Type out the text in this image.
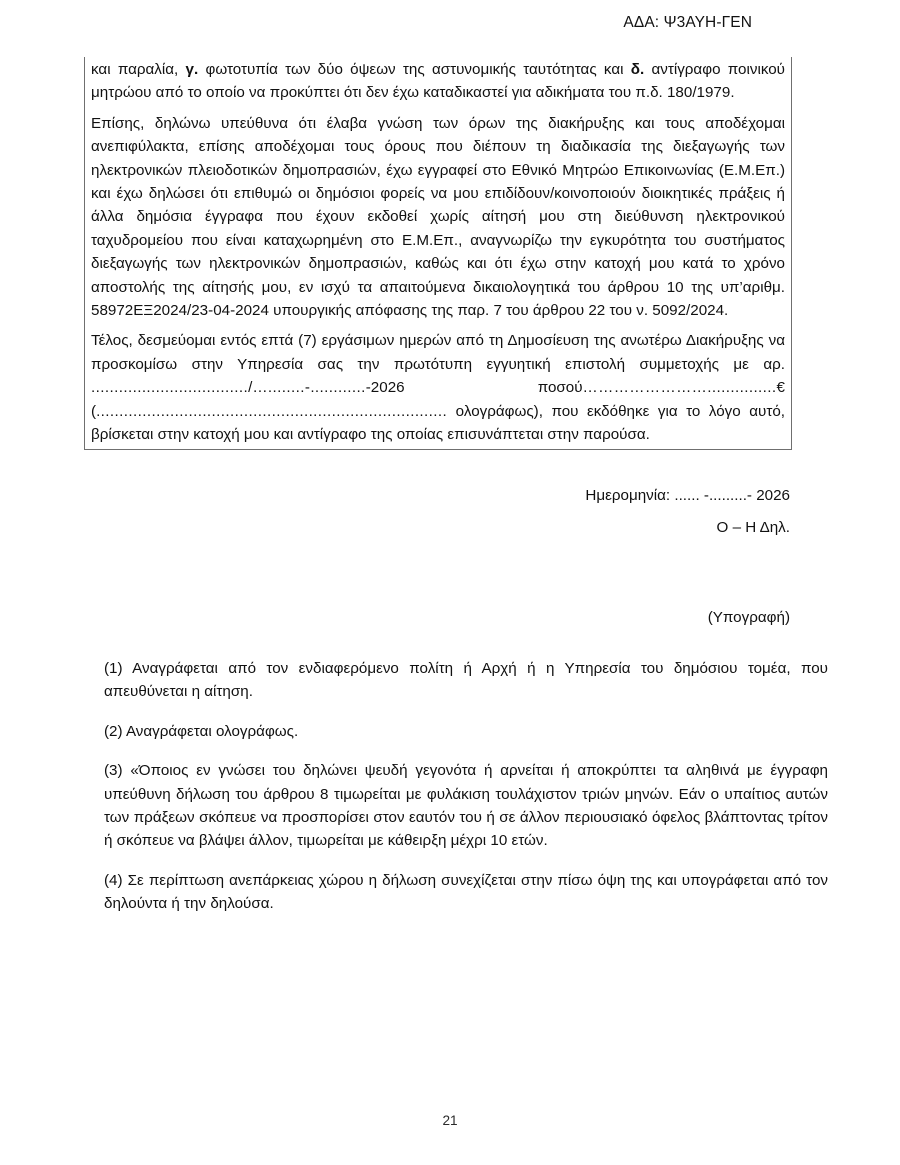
ΑΔΑ: Ψ3ΑΥΗ-ΓΕΝ

και παραλία, γ. φωτοτυπία των δύο όψεων της αστυνομικής ταυτότητας και δ. αντίγραφο ποινικού μητρώου από το οποίο να προκύπτει ότι δεν έχω καταδικαστεί για αδικήματα του π.δ. 180/1979.

Επίσης, δηλώνω υπεύθυνα ότι έλαβα γνώση των όρων της διακήρυξης και τους αποδέχομαι ανεπιφύλακτα, επίσης αποδέχομαι τους όρους που διέπουν τη διαδικασία της διεξαγωγής των ηλεκτρονικών πλειοδοτικών δημοπρασιών, έχω εγγραφεί στο Εθνικό Μητρώο Επικοινωνίας (Ε.Μ.Επ.) και έχω δηλώσει ότι επιθυμώ οι δημόσιοι φορείς να μου επιδίδουν/κοινοποιούν διοικητικές πράξεις ή άλλα δημόσια έγγραφα που έχουν εκδοθεί χωρίς αίτησή μου στη διεύθυνση ηλεκτρονικού ταχυδρομείου που είναι καταχωρημένη στο Ε.Μ.Επ., αναγνωρίζω την εγκυρότητα του συστήματος διεξαγωγής των ηλεκτρονικών δημοπρασιών, καθώς και ότι έχω στην κατοχή μου κατά το χρόνο αποστολής της αίτησής μου, εν ισχύ τα απαιτούμενα δικαιολογητικά του άρθρου 10 της υπ’αριθμ. 58972ΕΞ2024/23-04-2024 υπουργικής απόφασης της παρ. 7 του άρθρου 22 του ν. 5092/2024.

Τέλος, δεσμεύομαι εντός επτά (7) εργάσιμων ημερών από τη Δημοσίευση της ανωτέρω Διακήρυξης να προσκομίσω στην Υπηρεσία σας την πρωτότυπη εγγυητική επιστολή συμμετοχής με αρ. ................................../…........-............-2026 ποσού……………………...............€(............................................................................ ολογράφως), που εκδόθηκε για το λόγο αυτό, βρίσκεται στην κατοχή μου και αντίγραφο της οποίας επισυνάπτεται στην παρούσα.

Ημερομηνία: ...... -.........- 2026
Ο – Η Δηλ.
(Υπογραφή)

(1) Αναγράφεται από τον ενδιαφερόμενο πολίτη ή Αρχή ή η Υπηρεσία του δημόσιου τομέα, που απευθύνεται η αίτηση.

(2) Αναγράφεται ολογράφως.

(3) «Όποιος εν γνώσει του δηλώνει ψευδή γεγονότα ή αρνείται ή αποκρύπτει τα αληθινά με έγγραφη υπεύθυνη δήλωση του άρθρου 8 τιμωρείται με φυλάκιση τουλάχιστον τριών μηνών. Εάν ο υπαίτιος αυτών των πράξεων σκόπευε να προσπορίσει στον εαυτόν του ή σε άλλον περιουσιακό όφελος βλάπτοντας τρίτον ή σκόπευε να βλάψει άλλον, τιμωρείται με κάθειρξη μέχρι 10 ετών.

(4) Σε περίπτωση ανεπάρκειας χώρου η δήλωση συνεχίζεται στην πίσω όψη της και υπογράφεται από τον δηλούντα ή την δηλούσα.

21
